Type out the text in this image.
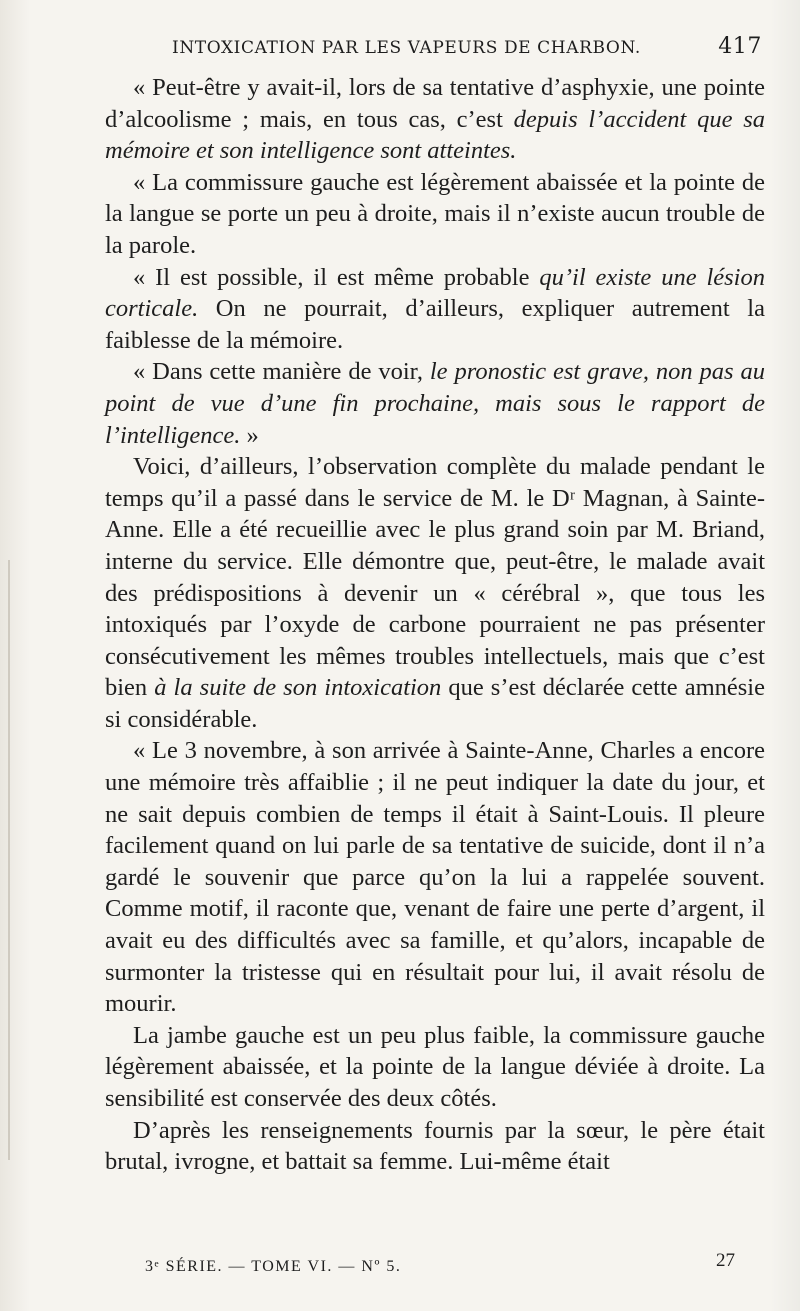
INTOXICATION PAR LES VAPEURS DE CHARBON.	417

« Peut-être y avait-il, lors de sa tentative d’asphyxie, une pointe d’alcoolisme ; mais, en tous cas, c’est depuis l’accident que sa mémoire et son intelligence sont atteintes.

« La commissure gauche est légèrement abaissée et la pointe de la langue se porte un peu à droite, mais il n’existe aucun trouble de la parole.

« Il est possible, il est même probable qu’il existe une lésion corticale. On ne pourrait, d’ailleurs, expliquer autrement la faiblesse de la mémoire.

« Dans cette manière de voir, le pronostic est grave, non pas au point de vue d’une fin prochaine, mais sous le rapport de l’intelligence. »

Voici, d’ailleurs, l’observation complète du malade pendant le temps qu’il a passé dans le service de M. le Dʳ Magnan, à Sainte-Anne. Elle a été recueillie avec le plus grand soin par M. Briand, interne du service. Elle démontre que, peut-être, le malade avait des prédispositions à devenir un « cérébral », que tous les intoxiqués par l’oxyde de carbone pourraient ne pas présenter consécutivement les mêmes troubles intellectuels, mais que c’est bien à la suite de son intoxication que s’est déclarée cette amnésie si considérable.

« Le 3 novembre, à son arrivée à Sainte-Anne, Charles a encore une mémoire très affaiblie ; il ne peut indiquer la date du jour, et ne sait depuis combien de temps il était à Saint-Louis. Il pleure facilement quand on lui parle de sa tentative de suicide, dont il n’a gardé le souvenir que parce qu’on la lui a rappelée souvent. Comme motif, il raconte que, venant de faire une perte d’argent, il avait eu des difficultés avec sa famille, et qu’alors, incapable de surmonter la tristesse qui en résultait pour lui, il avait résolu de mourir.

La jambe gauche est un peu plus faible, la commissure gauche légèrement abaissée, et la pointe de la langue déviée à droite. La sensibilité est conservée des deux côtés.

D’après les renseignements fournis par la sœur, le père était brutal, ivrogne, et battait sa femme. Lui-même était

3ᵉ SÉRIE. — TOME VI. — Nº 5.	27
